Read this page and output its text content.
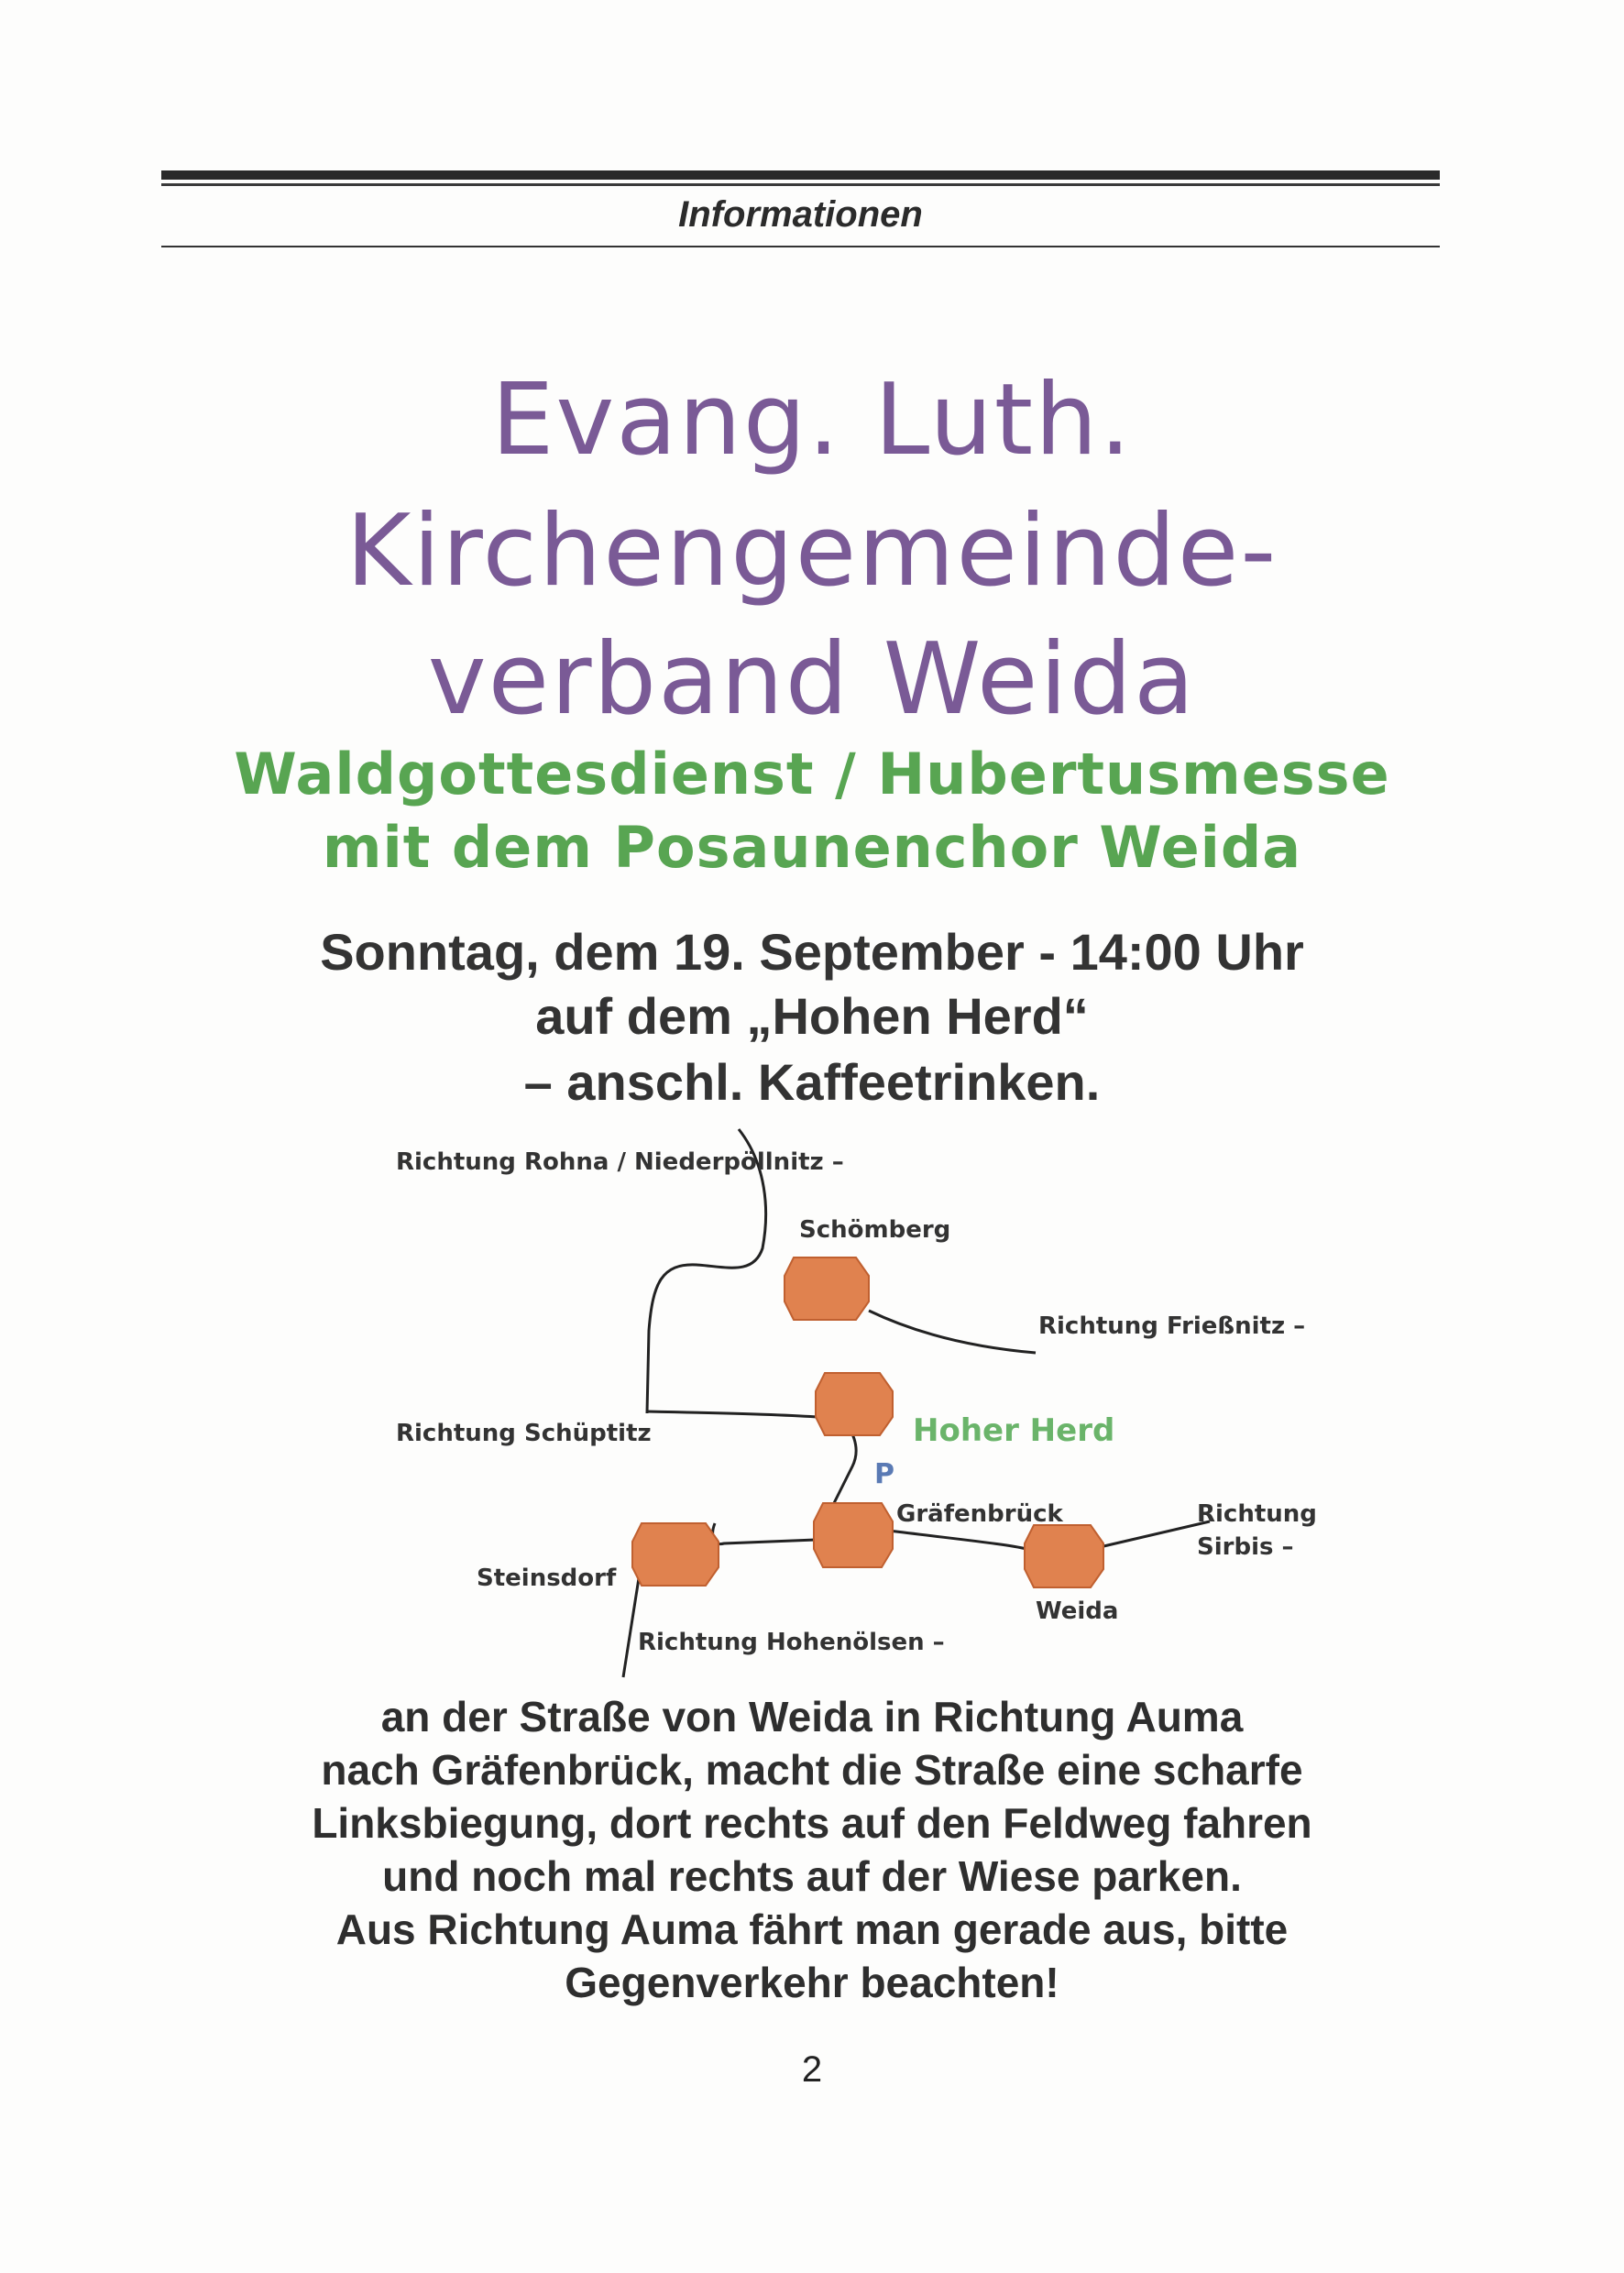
Informationen
Evang. Luth.
Kirchengemeinde-
verband Weida
Waldgottesdienst / Hubertusmesse
mit dem Posaunenchor Weida
Sonntag, dem 19. September - 14:00 Uhr
auf dem „Hohen Herd“
– anschl. Kaffeetrinken.
Richtung Rohna / Niederpöllnitz –
Schömberg
Richtung Frießnitz –
Richtung Schüptitz	Hoher Herd
P
Gräfenbrück	Richtung
Sirbis –
Steinsdorf
Weida
Richtung Hohenölsen –
an der Straße von Weida in Richtung Auma
nach Gräfenbrück, macht die Straße eine scharfe
Linksbiegung, dort rechts auf den Feldweg fahren
und noch mal rechts auf der Wiese parken.
Aus Richtung Auma fährt man gerade aus, bitte
Gegenverkehr beachten!
2
